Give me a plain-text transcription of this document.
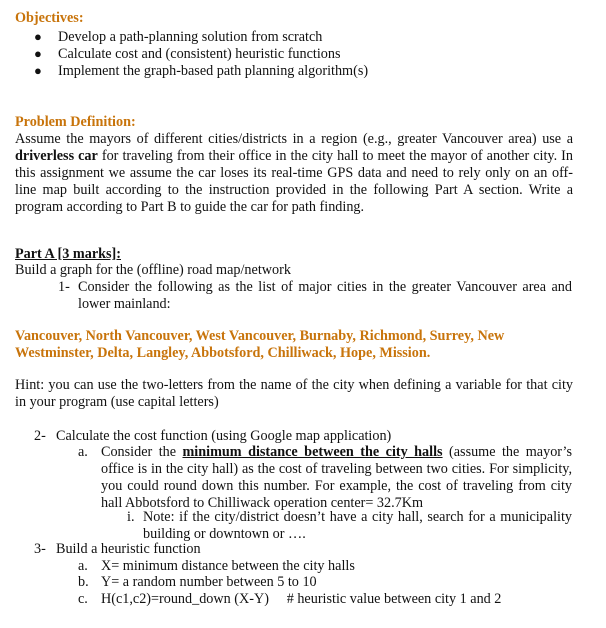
Objectives:
● Develop a path-planning solution from scratch
● Calculate cost and (consistent) heuristic functions
● Implement the graph-based path planning algorithm(s)
Problem Definition:
Assume the mayors of different cities/districts in a region (e.g., greater Vancouver area) use a driverless car for traveling from their office in the city hall to meet the mayor of another city. In this assignment we assume the car loses its real-time GPS data and need to rely only on an off-line map built according to the instruction provided in the following Part A section. Write a program according to Part B to guide the car for path finding.
Part A [3 marks]:
Build a graph for the (offline) road map/network
1- Consider the following as the list of major cities in the greater Vancouver area and lower mainland:
Vancouver, North Vancouver, West Vancouver, Burnaby, Richmond, Surrey, New Westminster, Delta, Langley, Abbotsford, Chilliwack, Hope, Mission.
Hint: you can use the two-letters from the name of the city when defining a variable for that city in your program (use capital letters)
2- Calculate the cost function (using Google map application)
a. Consider the minimum distance between the city halls (assume the mayor’s office is in the city hall) as the cost of traveling between two cities. For simplicity, you could round down this number. For example, the cost of traveling from city hall Abbotsford to Chilliwack operation center= 32.7Km
i. Note: if the city/district doesn’t have a city hall, search for a municipality building or downtown or ….
3- Build a heuristic function
a. X= minimum distance between the city halls
b. Y= a random number between 5 to 10
c. H(c1,c2)=round_down (X-Y)     # heuristic value between city 1 and 2
